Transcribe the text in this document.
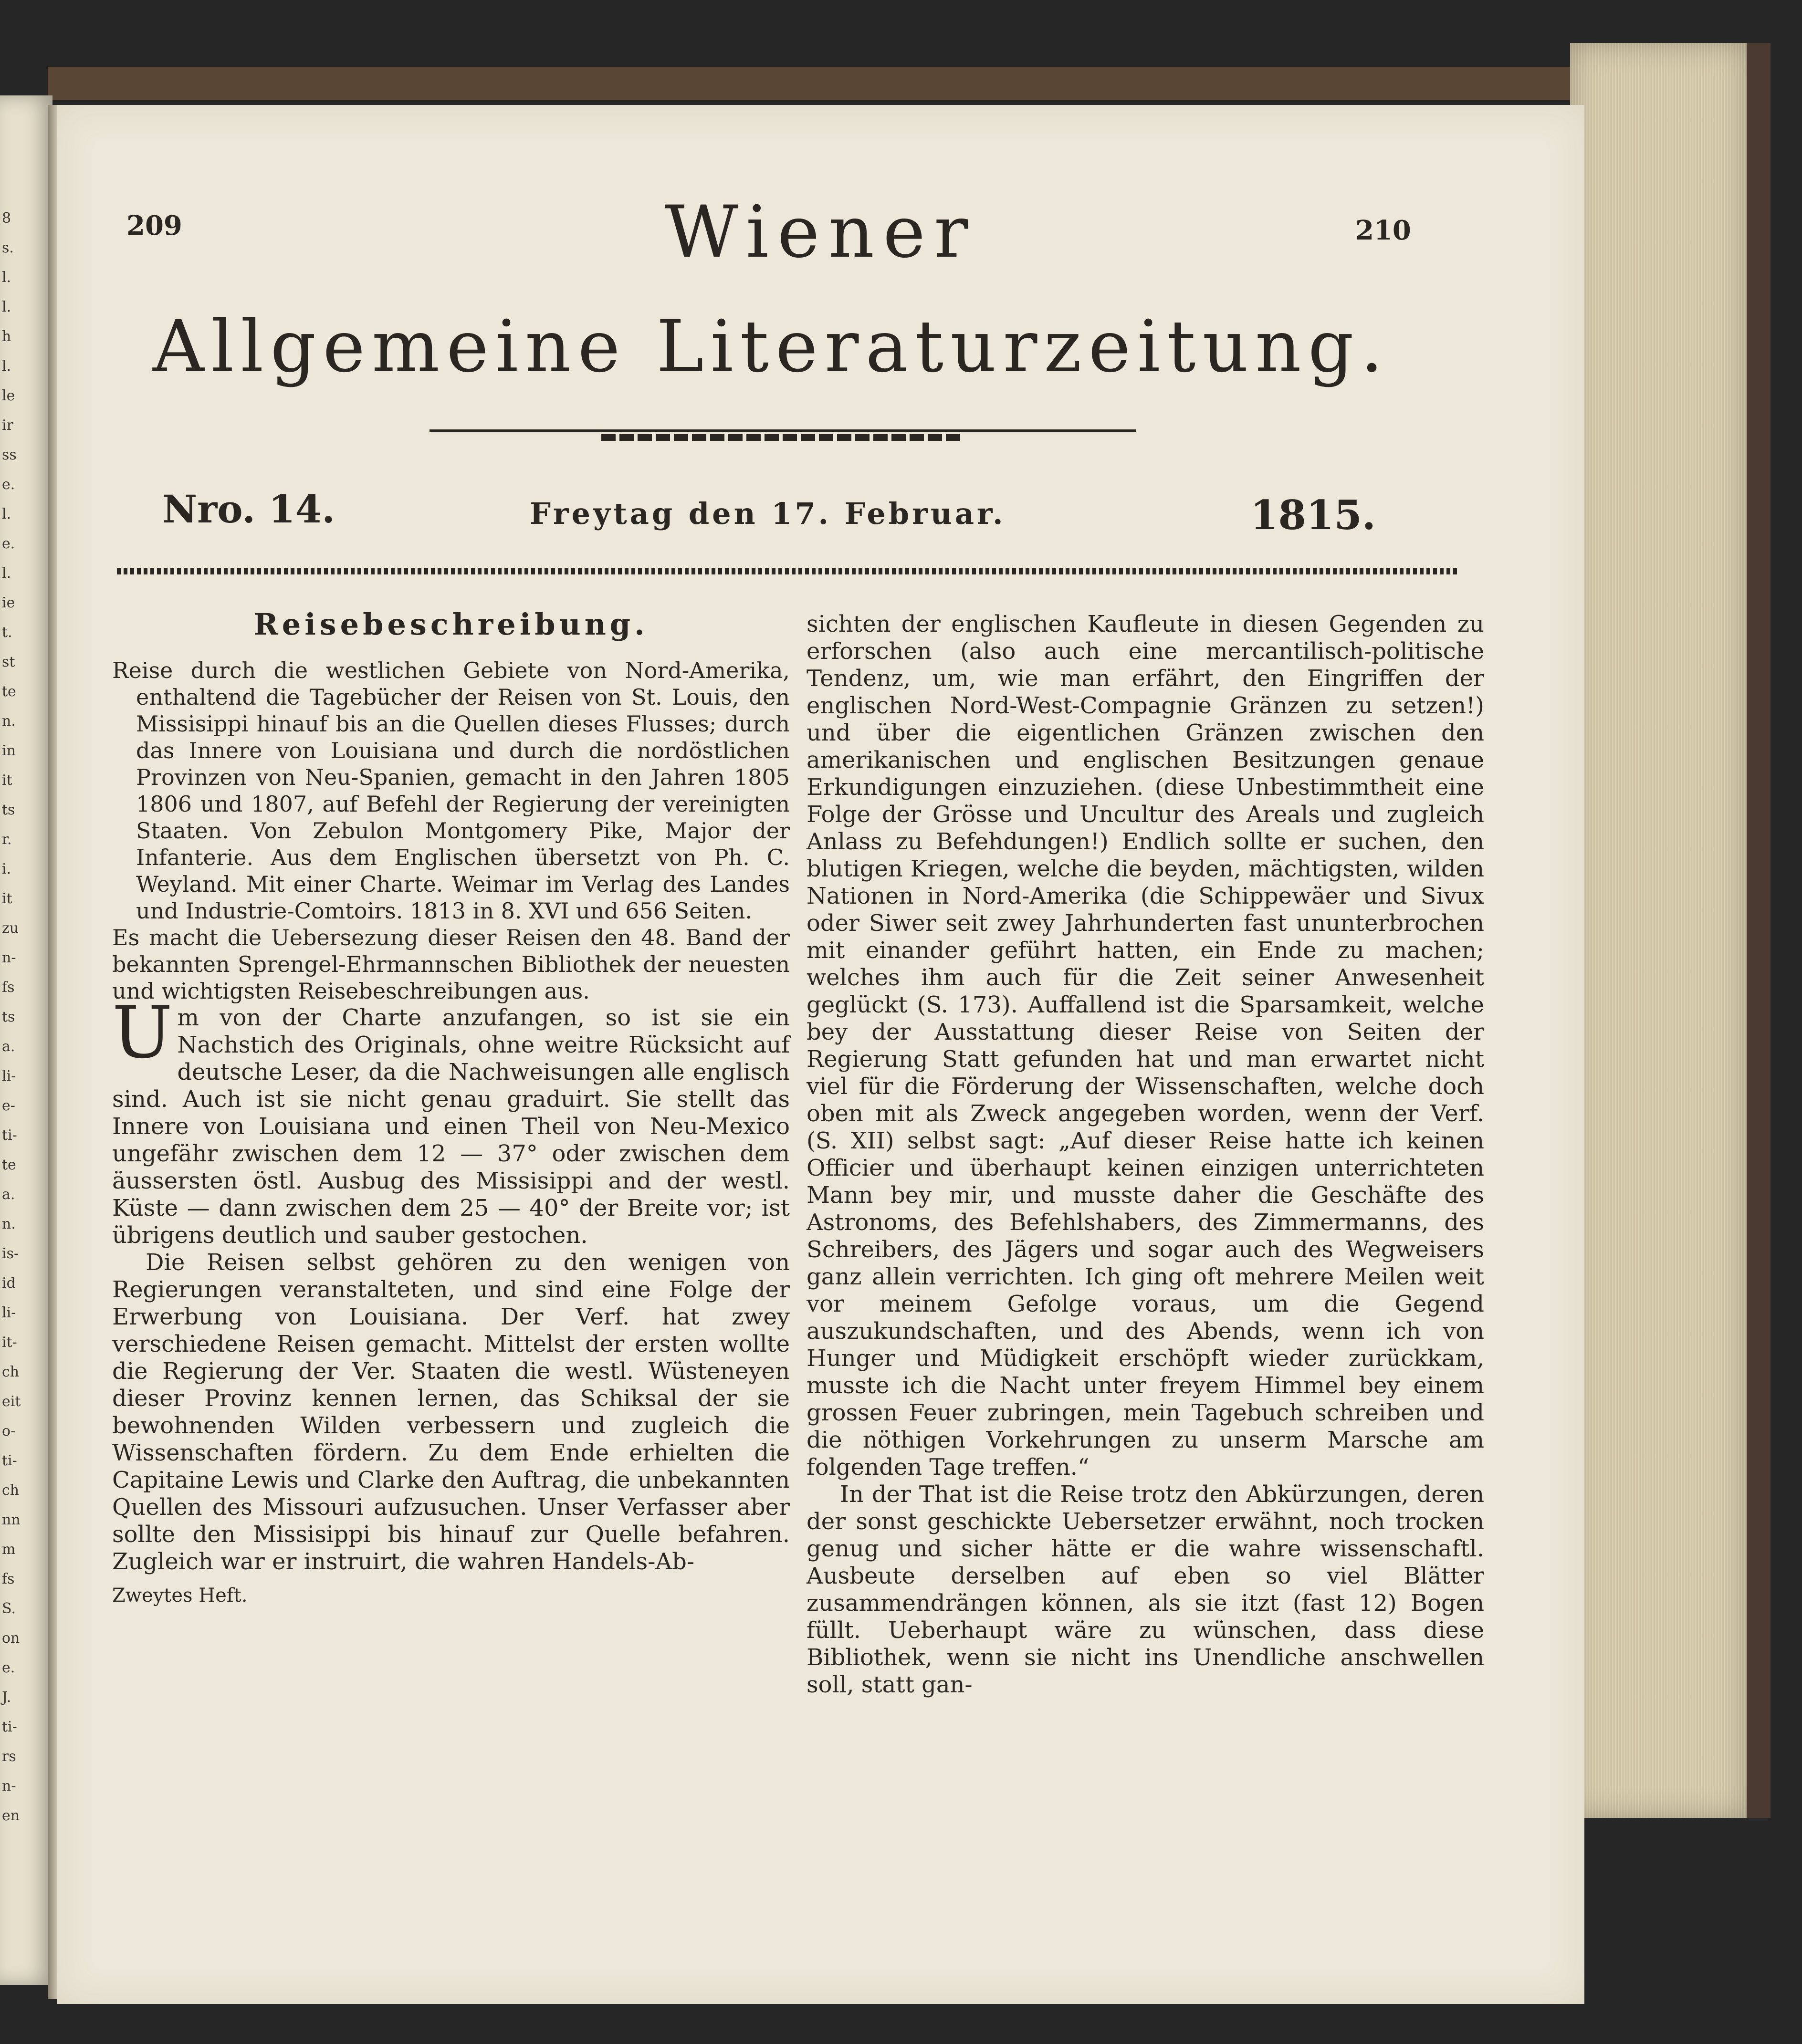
8
s.
l.
l.
h
l.
le
ir
ss
e.
l.
e.
l.
ie
t.
st
te
n.
in
it
ts
r.
i.
it
zu
n-
fs
ts
a.
li-
e-
ti-
te
a.
n.
is-
id
li-
it-
ch
eit
o-
ti-
ch
nn
m
fs
S.
on
e.
J.
ti-
rs
n-
en
209	210
Wiener
Allgemeine Literaturzeitung.
Nro. 14.	Freytag den 17. Februar.	1815.
Reisebeschreibung.

Reise durch die westlichen Gebiete von Nord-Amerika, enthaltend die Tagebücher der Reisen von St. Louis, den Missisippi hinauf bis an die Quellen dieses Flusses; durch das Innere von Louisiana und durch die nordöstlichen Provinzen von Neu-Spanien, gemacht in den Jahren 1805 1806 und 1807, auf Befehl der Regierung der vereinigten Staaten. Von Zebulon Montgomery Pike, Major der Infanterie. Aus dem Englischen übersetzt von Ph. C. Weyland. Mit einer Charte. Weimar im Verlag des Landes und Industrie-Comtoirs. 1813 in 8. XVI und 656 Seiten.

Es macht die Uebersezung dieser Reisen den 48. Band der bekannten Sprengel-Ehrmannschen Bibliothek der neuesten und wichtigsten Reisebeschreibungen aus.

Um von der Charte anzufangen, so ist sie ein Nachstich des Originals, ohne weitre Rücksicht auf deutsche Leser, da die Nachweisungen alle englisch sind. Auch ist sie nicht genau graduirt. Sie stellt das Innere von Louisiana und einen Theil von Neu-Mexico ungefähr zwischen dem 12 — 37° oder zwischen dem äussersten östl. Ausbug des Missisippi and der westl. Küste — dann zwischen dem 25 — 40° der Breite vor; ist übrigens deutlich und sauber gestochen.

Die Reisen selbst gehören zu den wenigen von Regierungen veranstalteten, und sind eine Folge der Erwerbung von Louisiana. Der Verf. hat zwey verschiedene Reisen gemacht. Mittelst der ersten wollte die Regierung der Ver. Staaten die westl. Wüsteneyen dieser Provinz kennen lernen, das Schiksal der sie bewohnenden Wilden verbessern und zugleich die Wissenschaften fördern. Zu dem Ende erhielten die Capitaine Lewis und Clarke den Auftrag, die unbekannten Quellen des Missouri aufzusuchen. Unser Verfasser aber sollte den Missisippi bis hinauf zur Quelle befahren. Zugleich war er instruirt, die wahren Handels-Ab-

Zweytes Heft.

sichten der englischen Kaufleute in diesen Gegenden zu erforschen (also auch eine mercantilisch-politische Tendenz, um, wie man erfährt, den Eingriffen der englischen Nord-West-Compagnie Gränzen zu setzen!) und über die eigentlichen Gränzen zwischen den amerikanischen und englischen Besitzungen genaue Erkundigungen einzuziehen. (diese Unbestimmtheit eine Folge der Grösse und Uncultur des Areals und zugleich Anlass zu Befehdungen!) Endlich sollte er suchen, den blutigen Kriegen, welche die beyden, mächtigsten, wilden Nationen in Nord-Amerika (die Schippewäer und Sivux oder Siwer seit zwey Jahrhunderten fast ununterbrochen mit einander geführt hatten, ein Ende zu machen; welches ihm auch für die Zeit seiner Anwesenheit geglückt (S. 173). Auffallend ist die Sparsamkeit, welche bey der Ausstattung dieser Reise von Seiten der Regierung Statt gefunden hat und man erwartet nicht viel für die Förderung der Wissenschaften, welche doch oben mit als Zweck angegeben worden, wenn der Verf. (S. XII) selbst sagt: „Auf dieser Reise hatte ich keinen Officier und überhaupt keinen einzigen unterrichteten Mann bey mir, und musste daher die Geschäfte des Astronoms, des Befehlshabers, des Zimmermanns, des Schreibers, des Jägers und sogar auch des Wegweisers ganz allein verrichten. Ich ging oft mehrere Meilen weit vor meinem Gefolge voraus, um die Gegend auszukundschaften, und des Abends, wenn ich von Hunger und Müdigkeit erschöpft wieder zurückkam, musste ich die Nacht unter freyem Himmel bey einem grossen Feuer zubringen, mein Tagebuch schreiben und die nöthigen Vorkehrungen zu unserm Marsche am folgenden Tage treffen.“

In der That ist die Reise trotz den Abkürzungen, deren der sonst geschickte Uebersetzer erwähnt, noch trocken genug und sicher hätte er die wahre wissenschaftl. Ausbeute derselben auf eben so viel Blätter zusammendrängen können, als sie itzt (fast 12) Bogen füllt. Ueberhaupt wäre zu wünschen, dass diese Bibliothek, wenn sie nicht ins Unendliche anschwellen soll, statt gan-
